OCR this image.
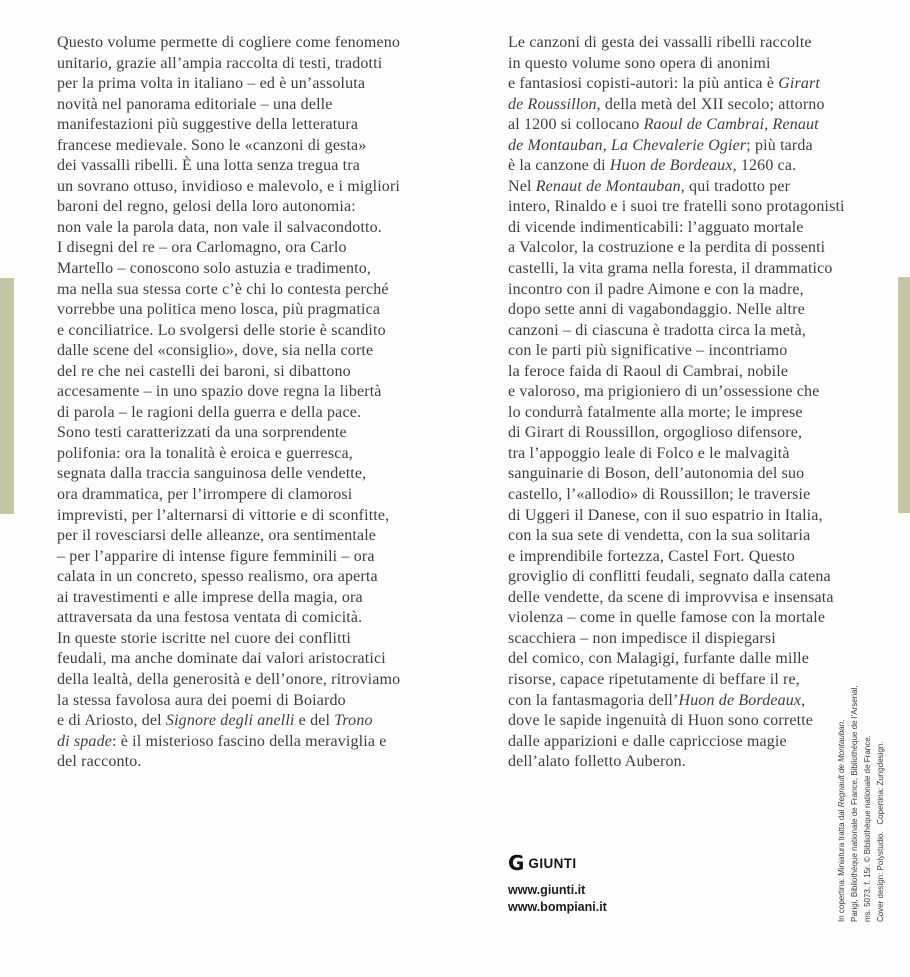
Questo volume permette di cogliere come fenomeno
unitario, grazie all’ampia raccolta di testi, tradotti
per la prima volta in italiano – ed è un’assoluta
novità nel panorama editoriale – una delle
manifestazioni più suggestive della letteratura
francese medievale. Sono le «canzoni di gesta»
dei vassalli ribelli. È una lotta senza tregua tra
un sovrano ottuso, invidioso e malevolo, e i migliori
baroni del regno, gelosi della loro autonomia:
non vale la parola data, non vale il salvacondotto.
I disegni del re – ora Carlomagno, ora Carlo
Martello – conoscono solo astuzia e tradimento,
ma nella sua stessa corte c’è chi lo contesta perché
vorrebbe una politica meno losca, più pragmatica
e conciliatrice. Lo svolgersi delle storie è scandito
dalle scene del «consiglio», dove, sia nella corte
del re che nei castelli dei baroni, si dibattono
accesamente – in uno spazio dove regna la libertà
di parola – le ragioni della guerra e della pace.
Sono testi caratterizzati da una sorprendente
polifonia: ora la tonalità è eroica e guerresca,
segnata dalla traccia sanguinosa delle vendette,
ora drammatica, per l’irrompere di clamorosi
imprevisti, per l’alternarsi di vittorie e di sconfitte,
per il rovesciarsi delle alleanze, ora sentimentale
– per l’apparire di intense figure femminili – ora
calata in un concreto, spesso realismo, ora aperta
ai travestimenti e alle imprese della magia, ora
attraversata da una festosa ventata di comicità.
In queste storie iscritte nel cuore dei conflitti
feudali, ma anche dominate dai valori aristocratici
della lealtà, della generosità e dell’onore, ritroviamo
la stessa favolosa aura dei poemi di Boiardo
e di Ariosto, del Signore degli anelli e del Trono
di spade: è il misterioso fascino della meraviglia e
del racconto.
Le canzoni di gesta dei vassalli ribelli raccolte
in questo volume sono opera di anonimi
e fantasiosi copisti-autori: la più antica è Girart
de Roussillon, della metà del XII secolo; attorno
al 1200 si collocano Raoul de Cambrai, Renaut
de Montauban, La Chevalerie Ogier; più tarda
è la canzone di Huon de Bordeaux, 1260 ca.
Nel Renaut de Montauban, qui tradotto per
intero, Rinaldo e i suoi tre fratelli sono protagonisti
di vicende indimenticabili: l’agguato mortale
a Valcolor, la costruzione e la perdita di possenti
castelli, la vita grama nella foresta, il drammatico
incontro con il padre Aimone e con la madre,
dopo sette anni di vagabondaggio. Nelle altre
canzoni – di ciascuna è tradotta circa la metà,
con le parti più significative – incontriamo
la feroce faida di Raoul di Cambrai, nobile
e valoroso, ma prigioniero di un’ossessione che
lo condurrà fatalmente alla morte; le imprese
di Girart di Roussillon, orgoglioso difensore,
tra l’appoggio leale di Folco e le malvagità
sanguinarie di Boson, dell’autonomia del suo
castello, l’«allodio» di Roussillon; le traversie
di Uggeri il Danese, con il suo espatrio in Italia,
con la sua sete di vendetta, con la sua solitaria
e imprendibile fortezza, Castel Fort. Questo
groviglio di conflitti feudali, segnato dalla catena
delle vendette, da scene di improvvisa e insensata
violenza – come in quelle famose con la mortale
scacchiera – non impedisce il dispiegarsi
del comico, con Malagigi, furfante dalle mille
risorse, capace ripetutamente di beffare il re,
con la fantasmagoria dell’Huon de Bordeaux,
dove le sapide ingenuità di Huon sono corrette
dalle apparizioni e dalle capricciose magie
dell’alato folletto Auberon.
G GIUNTI
www.giunti.it
www.bompiani.it	In copertina: Miniatura tratta dal Regnault de Montauban. Parigi, Bibliothèque nationale de France, Bibliothèque de l’Arsenal, ms. 5073, f. 15r. © Bibliothèque nationale de France. Cover design: Polystudio.   Copertina: Zungdesign.
